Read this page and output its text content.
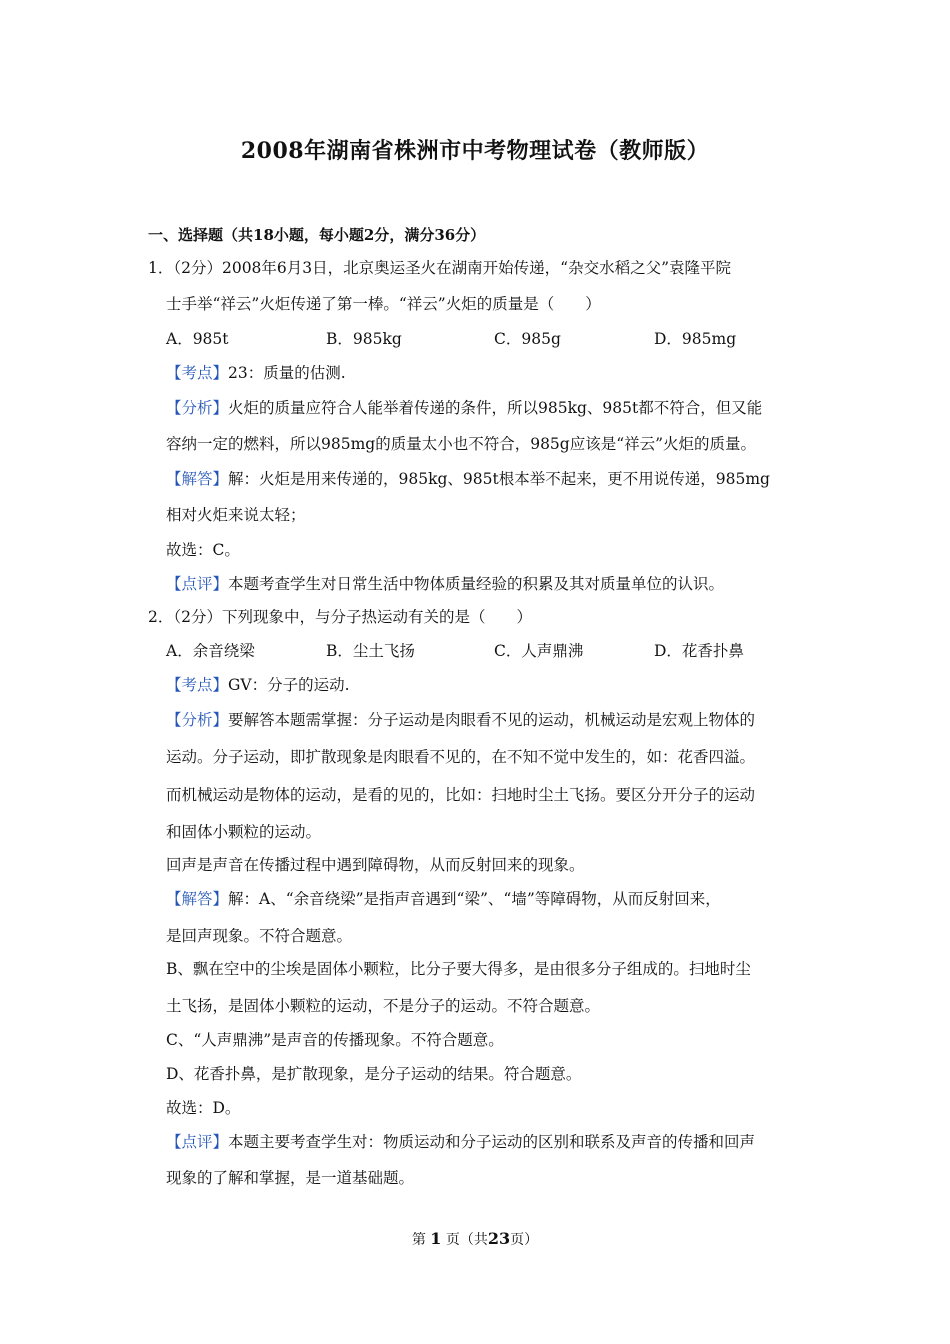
2008年湖南省株洲市中考物理试卷（教师版）
一、选择题（共18小题，每小题2分，满分36分）
1．（2分）2008年6月3日，北京奥运圣火在湖南开始传递，“杂交水稻之父”袁隆平院
士手举“祥云”火炬传递了第一棒。“祥云”火炬的质量是（　　）
A．985t	B．985kg	C．985g	D．985mg
【考点】23：质量的估测.
【分析】火炬的质量应符合人能举着传递的条件，所以985kg、985t都不符合，但又能
容纳一定的燃料，所以985mg的质量太小也不符合，985g应该是“祥云”火炬的质量。
【解答】解：火炬是用来传递的，985kg、985t根本举不起来，更不用说传递，985mg
相对火炬来说太轻；
故选：C。
【点评】本题考查学生对日常生活中物体质量经验的积累及其对质量单位的认识。
2．（2分）下列现象中，与分子热运动有关的是（　　）
A．余音绕梁	B．尘土飞扬	C．人声鼎沸	D．花香扑鼻
【考点】GV：分子的运动.
【分析】要解答本题需掌握：分子运动是肉眼看不见的运动，机械运动是宏观上物体的
运动。分子运动，即扩散现象是肉眼看不见的，在不知不觉中发生的，如：花香四溢。
而机械运动是物体的运动，是看的见的，比如：扫地时尘土飞扬。要区分开分子的运动
和固体小颗粒的运动。
回声是声音在传播过程中遇到障碍物，从而反射回来的现象。
【解答】解：A、“余音绕梁”是指声音遇到“梁”、“墙”等障碍物，从而反射回来，
是回声现象。不符合题意。
B、飘在空中的尘埃是固体小颗粒，比分子要大得多，是由很多分子组成的。扫地时尘
土飞扬，是固体小颗粒的运动，不是分子的运动。不符合题意。
C、“人声鼎沸”是声音的传播现象。不符合题意。
D、花香扑鼻，是扩散现象，是分子运动的结果。符合题意。
故选：D。
【点评】本题主要考查学生对：物质运动和分子运动的区别和联系及声音的传播和回声
现象的了解和掌握，是一道基础题。
第 1 页（共23页）
